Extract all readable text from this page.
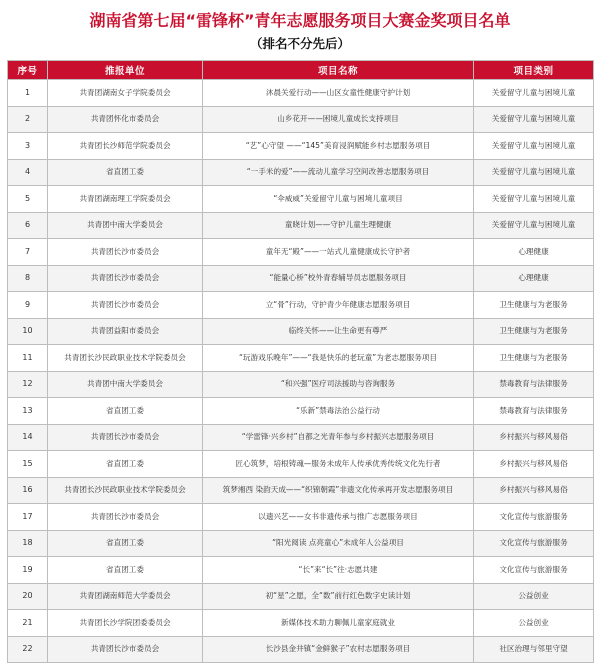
湖南省第七届“雷锋杯”青年志愿服务项目大赛金奖项目名单
（排名不分先后）
序号	推报单位	项目名称	项目类别
1	共青团湖南女子学院委员会	沐晨关爱行动——山区女童性健康守护计划	关爱留守儿童与困境儿童
2	共青团怀化市委员会	山乡花开——困境儿童成长支持项目	关爱留守儿童与困境儿童
3	共青团长沙师范学院委员会	“艺”心守望 ——“145”美育浸润赋能乡村志愿服务项目	关爱留守儿童与困境儿童
4	省直团工委	“一手米的爱”——流动儿童学习空间改善志愿服务项目	关爱留守儿童与困境儿童
5	共青团湖南理工学院委员会	“伞威威”关爱留守儿童与困境儿童项目	关爱留守儿童与困境儿童
6	共青团中南大学委员会	童晓计划——守护儿童生理健康	关爱留守儿童与困境儿童
7	共青团长沙市委员会	童年无“殿”——一站式儿童健康成长守护者	心理健康
8	共青团长沙市委员会	“能量心桥”校外青春辅导员志愿服务项目	心理健康
9	共青团长沙市委员会	立“骨”行动，守护青少年健康志愿服务项目	卫生健康与为老服务
10	共青团益阳市委员会	临终关怀——让生命更有尊严	卫生健康与为老服务
11	共青团长沙民政职业技术学院委员会	“玩游戏乐晚年”——“我是快乐的老玩童”为老志愿服务项目	卫生健康与为老服务
12	共青团中南大学委员会	“和兴强”医疗司法援助与咨询服务	禁毒教育与法律服务
13	省直团工委	“乐新”禁毒法治公益行动	禁毒教育与法律服务
14	共青团长沙市委员会	“学雷锋·兴乡村”自都之光青年参与乡村振兴志愿服务项目	乡村振兴与移风易俗
15	省直团工委	匠心筑梦，培根铸魂—服务未成年人传承优秀传统文化先行者	乡村振兴与移风易俗
16	共青团长沙民政职业技术学院委员会	筑梦湘西 染韵天成——“织锦朝霞”非遗文化传承再开发志愿服务项目	乡村振兴与移风易俗
17	共青团长沙市委员会	以遗兴艺——女书非遗传承与推广志愿服务项目	文化宣传与旅游服务
18	省直团工委	“阳光阅读 点亮童心”未成年人公益项目	文化宣传与旅游服务
19	省直团工委	“长”来“长”往·志愿共建	文化宣传与旅游服务
20	共青团湖南师范大学委员会	初“星”之愿，全“数”前行红色数字史读计划	公益创业
21	共青团长沙学院团委委员会	新媒体技术助力聊佩儿童家庭就业	公益创业
22	共青团长沙市委员会	长沙县金井镇“金鲜猴子”农村志愿服务项目	社区治理与邻里守望
